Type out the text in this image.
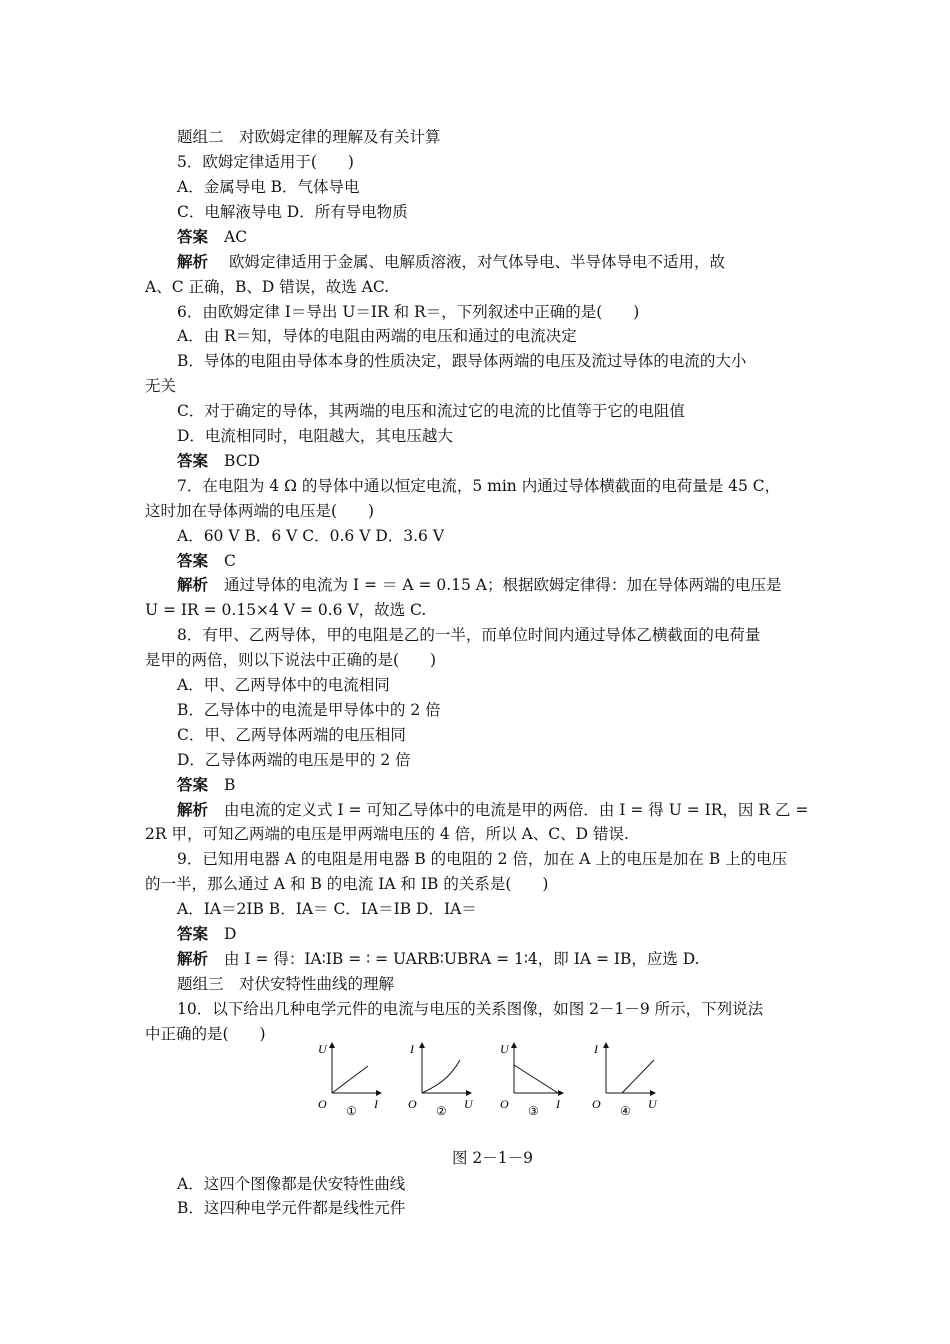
题组二　对欧姆定律的理解及有关计算
5．欧姆定律适用于(　　)
A．金属导电 B．气体导电
C．电解液导电 D．所有导电物质
答案 AC
解析 欧姆定律适用于金属、电解质溶液，对气体导电、半导体导电不适用，故
A、C 正确，B、D 错误，故选 AC.
6．由欧姆定律 I＝导出 U＝IR 和 R＝，下列叙述中正确的是(　　)
A．由 R＝知，导体的电阻由两端的电压和通过的电流决定
B．导体的电阻由导体本身的性质决定，跟导体两端的电压及流过导体的电流的大小
无关
C．对于确定的导体，其两端的电压和流过它的电流的比值等于它的电阻值
D．电流相同时，电阻越大，其电压越大
答案 BCD
7．在电阻为 4 Ω 的导体中通以恒定电流，5 min 内通过导体横截面的电荷量是 45 C，
这时加在导体两端的电压是(　　)
A．60 V B．6 V C．0.6 V D．3.6 V
答案 C
解析 通过导体的电流为 I = ＝ A = 0.15 A；根据欧姆定律得：加在导体两端的电压是
U = IR = 0.15×4 V = 0.6 V，故选 C.
8．有甲、乙两导体，甲的电阻是乙的一半，而单位时间内通过导体乙横截面的电荷量
是甲的两倍，则以下说法中正确的是(　　)
A．甲、乙两导体中的电流相同
B．乙导体中的电流是甲导体中的 2 倍
C．甲、乙两导体两端的电压相同
D．乙导体两端的电压是甲的 2 倍
答案 B
解析 由电流的定义式 I = 可知乙导体中的电流是甲的两倍．由 I = 得 U = IR，因 R 乙 =
2R 甲，可知乙两端的电压是甲两端电压的 4 倍，所以 A、C、D 错误.
9．已知用电器 A 的电阻是用电器 B 的电阻的 2 倍，加在 A 上的电压是加在 B 上的电压
的一半，那么通过 A 和 B 的电流 IA 和 IB 的关系是(　　)
A．IA＝2IB B．IA＝ C．IA＝IB D．IA＝
答案 D
解析 由 I = 得：IA∶IB = ∶ = UARB∶UBRA = 1∶4，即 IA = IB，应选 D.
题组三　对伏安特性曲线的理解
10．以下给出几种电学元件的电流与电压的关系图像，如图 2－1－9 所示，下列说法
中正确的是(　　)
U
I
O ①
I
U
O ②
U
I
O ③
I
U
O ④
图 2－1－9
A．这四个图像都是伏安特性曲线
B．这四种电学元件都是线性元件
